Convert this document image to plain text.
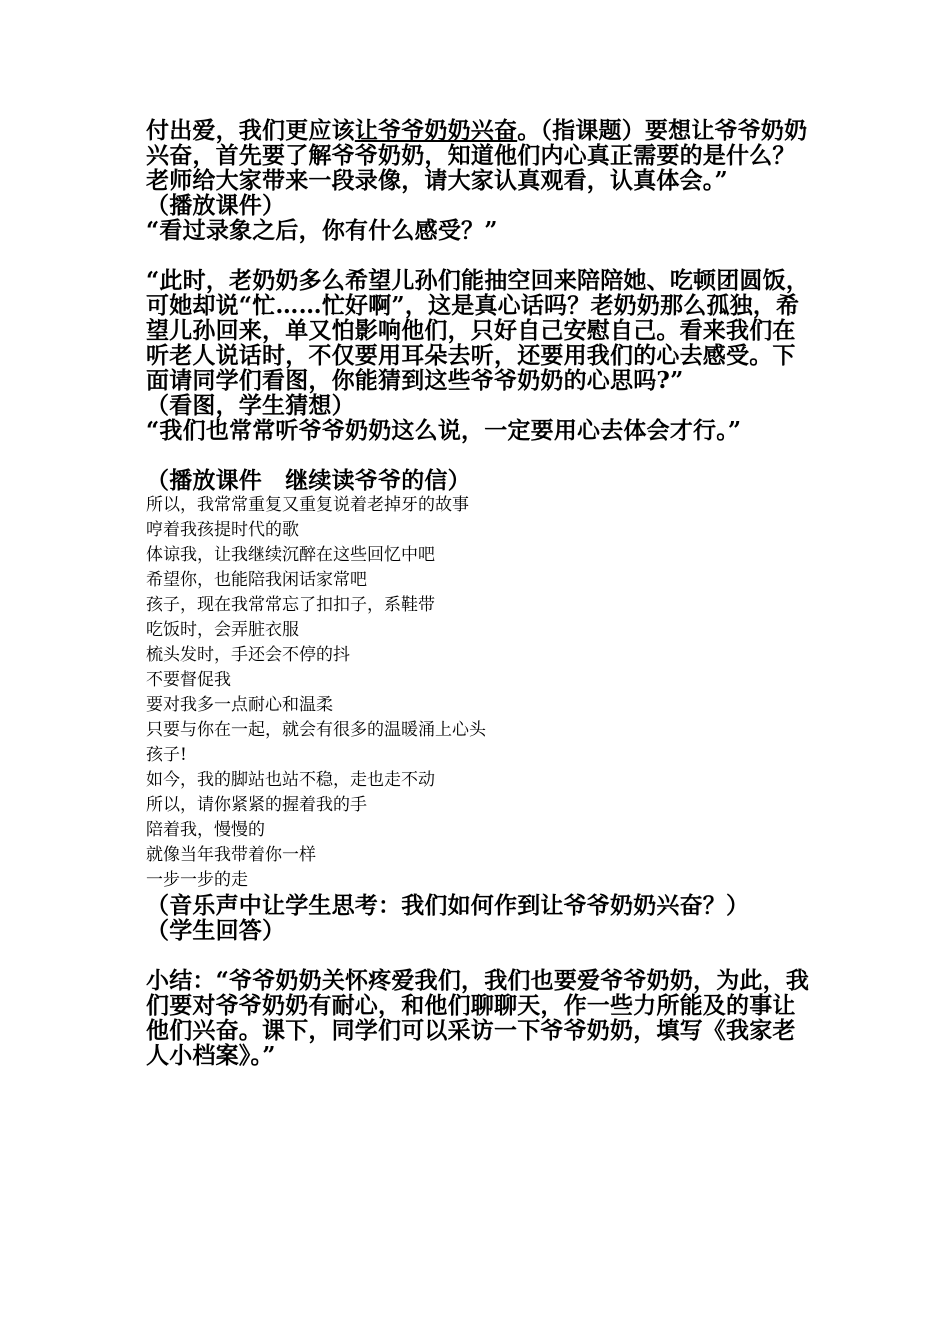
付出爱，我们更应该让爷爷奶奶兴奋。（指课题）要想让爷爷奶奶兴奋，首先要了解爷爷奶奶，知道他们内心真正需要的是什么？老师给大家带来一段录像，请大家认真观看，认真体会。”

（播放课件）

“看过录象之后，你有什么感受？”

“此时，老奶奶多么希望儿孙们能抽空回来陪陪她、吃顿团圆饭，可她却说“忙……忙好啊”，这是真心话吗？老奶奶那么孤独，希望儿孙回来，单又怕影响他们，只好自己安慰自己。看来我们在听老人说话时，不仅要用耳朵去听，还要用我们的心去感受。下面请同学们看图，你能猜到这些爷爷奶奶的心思吗?”

（看图，学生猜想）

“我们也常常听爷爷奶奶这么说，一定要用心去体会才行。”

（播放课件　继续读爷爷的信）

所以，我常常重复又重复说着老掉牙的故事

哼着我孩提时代的歌

体谅我，让我继续沉醉在这些回忆中吧

希望你，也能陪我闲话家常吧

孩子，现在我常常忘了扣扣子，系鞋带

吃饭时，会弄脏衣服

梳头发时，手还会不停的抖

不要督促我

要对我多一点耐心和温柔

只要与你在一起，就会有很多的温暖涌上心头

孩子!

如今，我的脚站也站不稳，走也走不动

所以，请你紧紧的握着我的手

陪着我，慢慢的

就像当年我带着你一样

一步一步的走

（音乐声中让学生思考：我们如何作到让爷爷奶奶兴奋？）

（学生回答）

小结：“爷爷奶奶关怀疼爱我们，我们也要爱爷爷奶奶，为此，我们要对爷爷奶奶有耐心，和他们聊聊天，作一些力所能及的事让他们兴奋。课下，同学们可以采访一下爷爷奶奶，填写《我家老人小档案》。”
